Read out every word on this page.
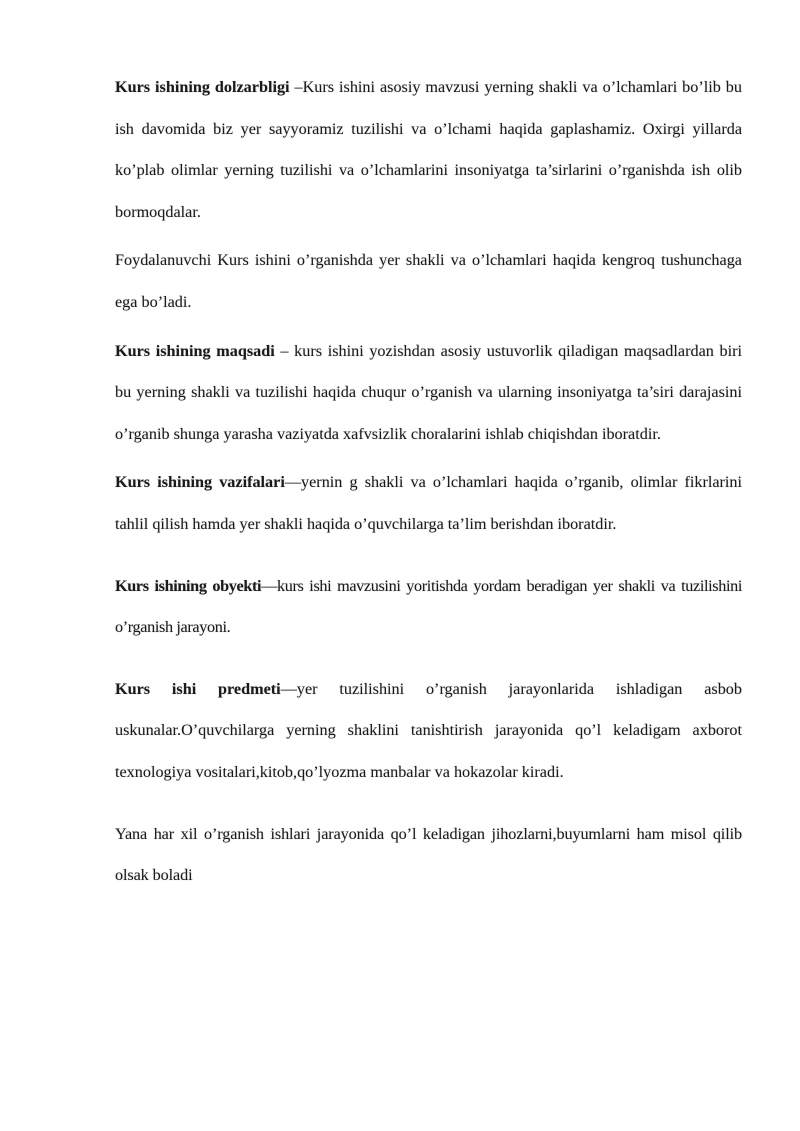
Kurs ishining dolzarbligi –Kurs ishini asosiy mavzusi yerning shakli va o’lchamlari bo’lib bu ish davomida biz yer sayyoramiz tuzilishi va o’lchami haqida gaplashamiz. Oxirgi yillarda ko’plab olimlar yerning tuzilishi va o’lchamlarini insoniyatga ta’sirlarini o’rganishda ish olib bormoqdalar.

Foydalanuvchi Kurs ishini o’rganishda yer shakli va o’lchamlari haqida kengroq tushunchaga ega bo’ladi.

Kurs ishining maqsadi – kurs ishini yozishdan asosiy ustuvorlik qiladigan maqsadlardan biri bu yerning shakli va tuzilishi haqida chuqur o’rganish va ularning insoniyatga ta’siri darajasini o’rganib shunga yarasha vaziyatda xafvsizlik choralarini ishlab chiqishdan iboratdir.

Kurs ishining vazifalari—yernin g shakli va o’lchamlari haqida o’rganib, olimlar fikrlarini tahlil qilish hamda yer shakli haqida o’quvchilarga ta’lim berishdan iboratdir.

Kurs ishining obyekti—kurs ishi mavzusini yoritishda yordam beradigan yer shakli va tuzilishini o’rganish jarayoni.

Kurs ishi predmeti—yer tuzilishini o’rganish jarayonlarida ishladigan asbob uskunalar.O’quvchilarga yerning shaklini tanishtirish jarayonida qo’l keladigam axborot texnologiya vositalari,kitob,qo’lyozma manbalar va hokazolar kiradi.

Yana har xil o’rganish ishlari jarayonida qo’l keladigan jihozlarni,buyumlarni ham misol qilib olsak boladi
